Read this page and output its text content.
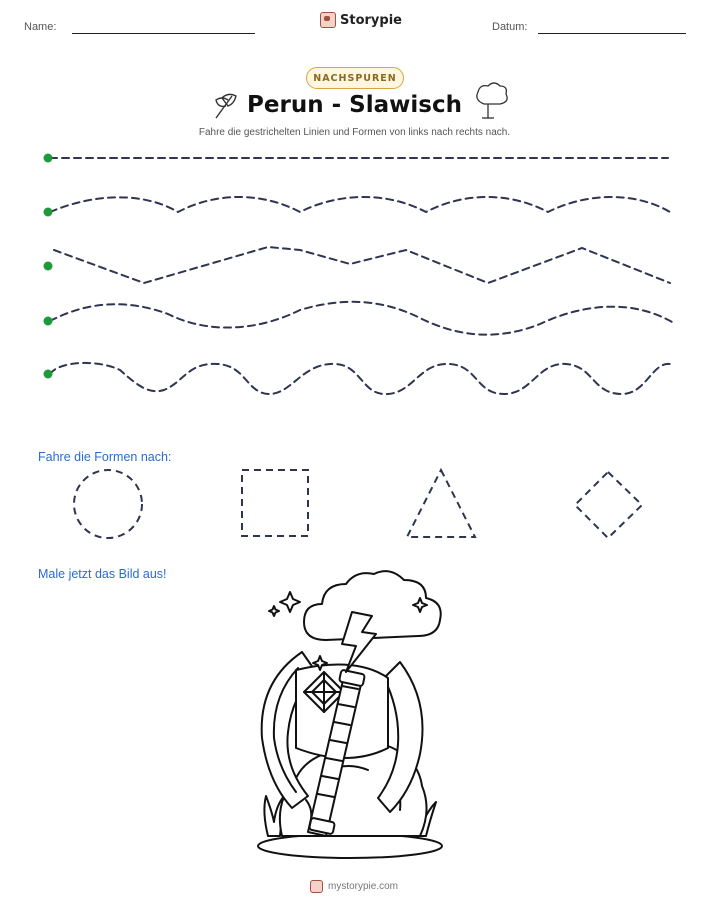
Name:	Storypie	Datum:
NACHSPUREN
Perun - Slawisch
Fahre die gestrichelten Linien und Formen von links nach rechts nach.
Fahre die Formen nach:
Male jetzt das Bild aus!
mystorypie.com
